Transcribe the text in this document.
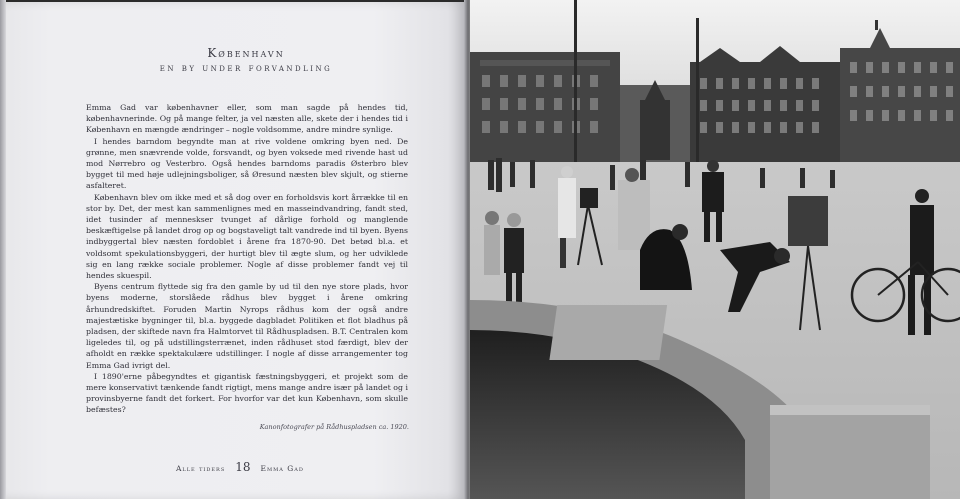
København
en by under forvandling

Emma Gad var københavner eller, som man sagde på hendes tid, københavnerinde. Og på mange felter, ja vel næsten alle, skete der i hendes tid i København en mængde ændringer – nogle voldsomme, andre mindre synlige.

I hendes barndom begyndte man at rive voldene omkring byen ned. De grønne, men snævrende volde, forsvandt, og byen voksede med rivende hast ud mod Nørrebro og Vesterbro. Også hendes barndoms paradis Østerbro blev bygget til med høje udlejningsboliger, så Øresund næsten blev skjult, og stierne asfalteret.

København blev om ikke med et så dog over en forholdsvis kort årrække til en stor by. Det, der mest kan sammenlignes med en masseindvandring, fandt sted, idet tusinder af menneskser tvunget af dårlige forhold og manglende beskæftigelse på landet drog op og bogstaveligt talt vandrede ind til byen. Byens indbyggertal blev næsten fordoblet i årene fra 1870-90. Det betød bl.a. et voldsomt spekulationsbyggeri, der hurtigt blev til ægte slum, og her udviklede sig en lang række sociale problemer. Nogle af disse problemer fandt vej til hendes skuespil.

Byens centrum flyttede sig fra den gamle by ud til den nye store plads, hvor byens moderne, storslåede rådhus blev bygget i årene omkring århundredskiftet. Foruden Martin Nyrops rådhus kom der også andre majestætiske bygninger til, bl.a. byggede dagbladet Politiken et flot bladhus på pladsen, der skiftede navn fra Halmtorvet til Rådhuspladsen. B.T. Centralen kom ligeledes til, og på udstillingsterrænet, inden rådhuset stod færdigt, blev der afholdt en række spektakulære udstillinger. I nogle af disse arrangementer tog Emma Gad ivrigt del.

I 1890'erne påbegyndtes et gigantisk fæstningsbyggeri, et projekt som de mere konservativt tænkende fandt rigtigt, mens mange andre især på landet og i provinsbyerne fandt det forkert. For hvorfor var det kun København, som skulle befæstes?

Kanonfotografer på Rådhuspladsen ca. 1920.
Alle tiders 18 Emma Gad
